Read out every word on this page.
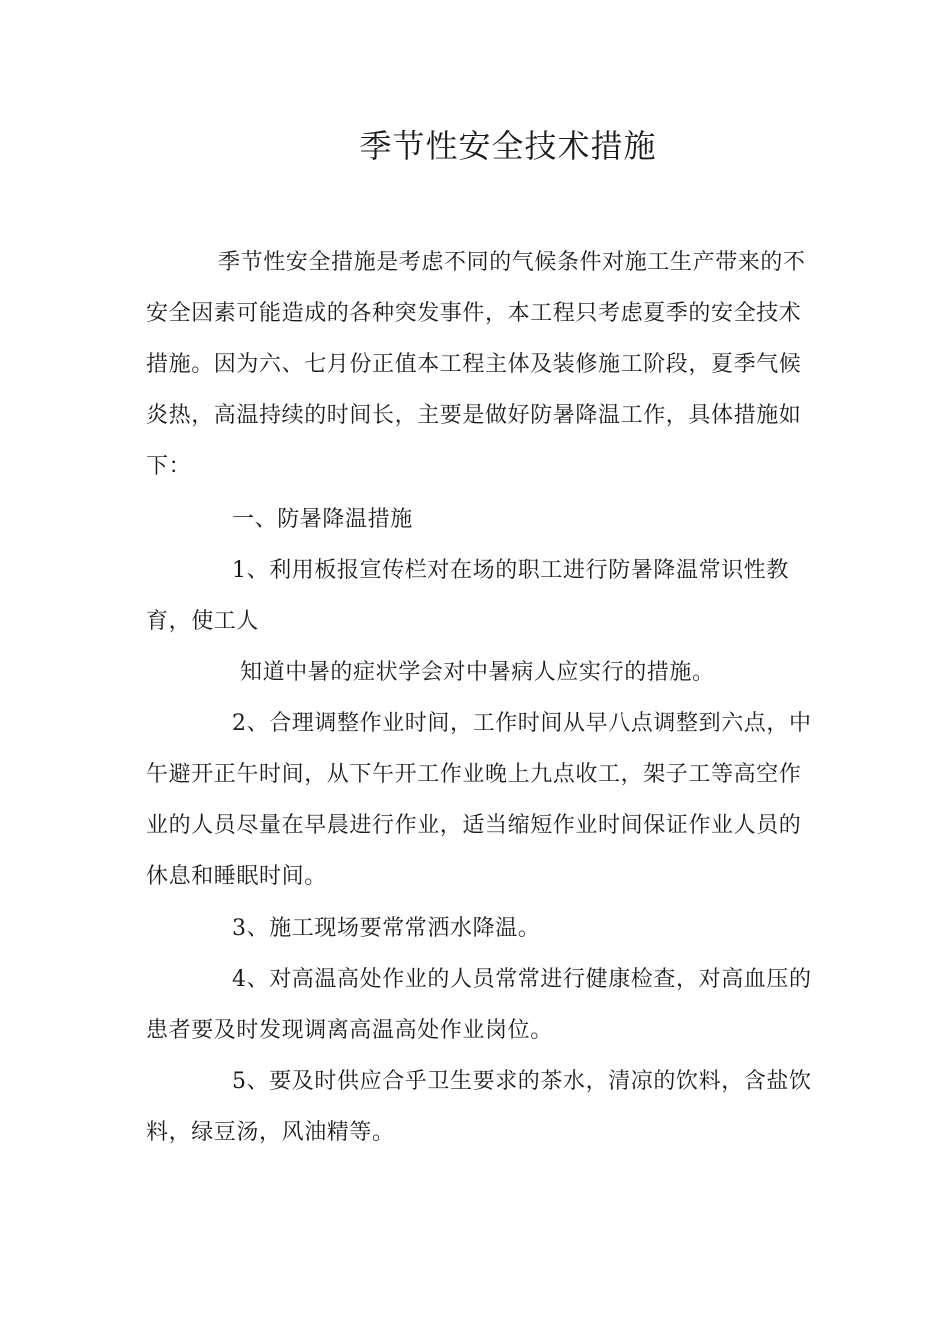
季节性安全技术措施
季节性安全措施是考虑不同的气候条件对施工生产带来的不
安全因素可能造成的各种突发事件，本工程只考虑夏季的安全技术
措施。因为六、七月份正值本工程主体及装修施工阶段，夏季气候
炎热，高温持续的时间长，主要是做好防暑降温工作，具体措施如
下：
一、防暑降温措施
1、利用板报宣传栏对在场的职工进行防暑降温常识性教
育，使工人
知道中暑的症状学会对中暑病人应实行的措施。
2、合理调整作业时间，工作时间从早八点调整到六点，中
午避开正午时间，从下午开工作业晚上九点收工，架子工等高空作
业的人员尽量在早晨进行作业，适当缩短作业时间保证作业人员的
休息和睡眠时间。
3、施工现场要常常洒水降温。
4、对高温高处作业的人员常常进行健康检查，对高血压的
患者要及时发现调离高温高处作业岗位。
5、要及时供应合乎卫生要求的茶水，清凉的饮料，含盐饮
料，绿豆汤，风油精等。
